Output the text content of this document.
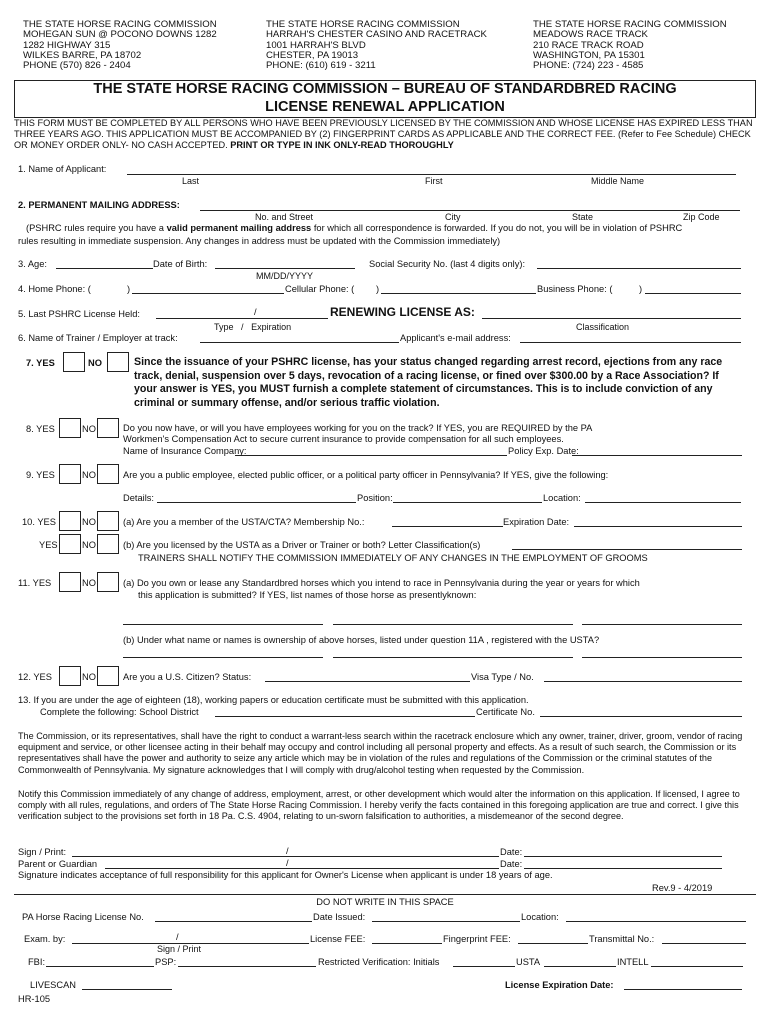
THE STATE HORSE RACING COMMISSION
MOHEGAN SUN @ POCONO DOWNS 1282
1282 HIGHWAY 315
WILKES BARRE, PA 18702
PHONE (570) 826 - 2404
THE STATE HORSE RACING COMMISSION
HARRAH'S CHESTER CASINO AND RACETRACK
1001 HARRAH'S BLVD
CHESTER, PA 19013
PHONE: (610) 619 - 3211
THE STATE HORSE RACING COMMISSION
MEADOWS RACE TRACK
210 RACE TRACK ROAD
WASHINGTON, PA 15301
PHONE: (724) 223 - 4585
THE STATE HORSE RACING COMMISSION – BUREAU OF STANDARDBRED RACING
LICENSE RENEWAL APPLICATION
THIS FORM MUST BE COMPLETED BY ALL PERSONS WHO HAVE BEEN PREVIOUSLY LICENSED BY THE COMMISSION AND WHOSE LICENSE HAS EXPIRED LESS THAN THREE YEARS AGO. THIS APPLICATION MUST BE ACCOMPANIED BY (2) FINGERPRINT CARDS AS APPLICABLE AND THE CORRECT FEE. (Refer to Fee Schedule) CHECK OR MONEY ORDER ONLY- NO CASH ACCEPTED. PRINT OR TYPE IN INK ONLY-READ THOROUGHLY
1. Name of Applicant:
Last	First	Middle Name
2. PERMANENT MAILING ADDRESS:
No. and Street	City	State	Zip Code
(PSHRC rules require you have a valid permanent mailing address for which all correspondence is forwarded. If you do not, you will be in violation of PSHRC
rules resulting in immediate suspension. Any changes in address must be updated with the Commission immediately)
3. Age:	Date of Birth:
MM/DD/YYYY
Social Security No. (last 4 digits only):
4. Home Phone: (	)	Cellular Phone: ( )	Business Phone: (	)
5. Last PSHRC License Held:	/	RENEWING LICENSE AS:
Type / Expiration	Classification
6. Name of Trainer / Employer at track:	Applicant's e-mail address:
7. YES	NO	Since the issuance of your PSHRC license, has your status changed regarding arrest record, ejections from any race track, denial, suspension over 5 days, revocation of a racing license, or fined over $300.00 by a Race Association? If your answer is YES, you MUST furnish a complete statement of circumstances. This is to include conviction of any criminal or summary offense, and/or serious traffic violation.
8. YES	NO	Do you now have, or will you have employees working for you on the track? If YES, you are REQUIRED by the PA
Workmen's Compensation Act to secure current insurance to provide compensation for all such employees.
Name of Insurance Company:	Policy Exp. Date:
9. YES	NO	Are you a public employee, elected public officer, or a political party officer in Pennsylvania? If YES, give the following:
Details:	Position:	Location:
10. YES	NO	(a) Are you a member of the USTA/CTA? Membership No.:	Expiration Date:
YES	NO	(b) Are you licensed by the USTA as a Driver or Trainer or both? Letter Classification(s)
TRAINERS SHALL NOTIFY THE COMMISSION IMMEDIATELY OF ANY CHANGES IN THE EMPLOYMENT OF GROOMS
11. YES	NO	(a) Do you own or lease any Standardbred horses which you intend to race in Pennsylvania during the year or years for which
this application is submitted? If YES, list names of those horse as presentlyknown:
(b) Under what name or names is ownership of above horses, listed under question 11A , registered with the USTA?
12. YES	NO	Are you a U.S. Citizen? Status:	Visa Type / No.
13. If you are under the age of eighteen (18), working papers or education certificate must be submitted with this application.
Complete the following: School District	Certificate No.
The Commission, or its representatives, shall have the right to conduct a warrant-less search within the racetrack enclosure which any owner, trainer, driver, groom, vendor of racing equipment and service, or other licensee acting in their behalf may occupy and control including all personal property and effects. As a result of such search, the Commission or its representatives shall have the power and authority to seize any article which may be in violation of the rules and regulations of the Commission or the criminal statutes of the Commonwealth of Pennsylvania. My signature acknowledges that I will comply with drug/alcohol testing when requested by the Commission.
Notify this Commission immediately of any change of address, employment, arrest, or other development which would alter the information on this application. If licensed, I agree to comply with all rules, regulations, and orders of The State Horse Racing Commission. I hereby verify the facts contained in this foregoing application are true and correct. I give this verification subject to the provisions set forth in 18 Pa. C.S. 4904, relating to un-sworn falsification to authorities, a misdemeanor of the second degree.
Sign / Print:	/	Date:
Parent or Guardian	/	Date:
Signature indicates acceptance of full responsibility for this applicant for Owner's License when applicant is under 18 years of age.
Rev.9 - 4/2019
DO NOT WRITE IN THIS SPACE
PA Horse Racing License No.	Date Issued:	Location:
Exam. by:	/
Sign / Print
License FEE:	Fingerprint FEE:	Transmittal No.:
FBI:	PSP:	Restricted Verification: Initials	USTA	INTELL
LIVESCAN	License Expiration Date:
HR-105
